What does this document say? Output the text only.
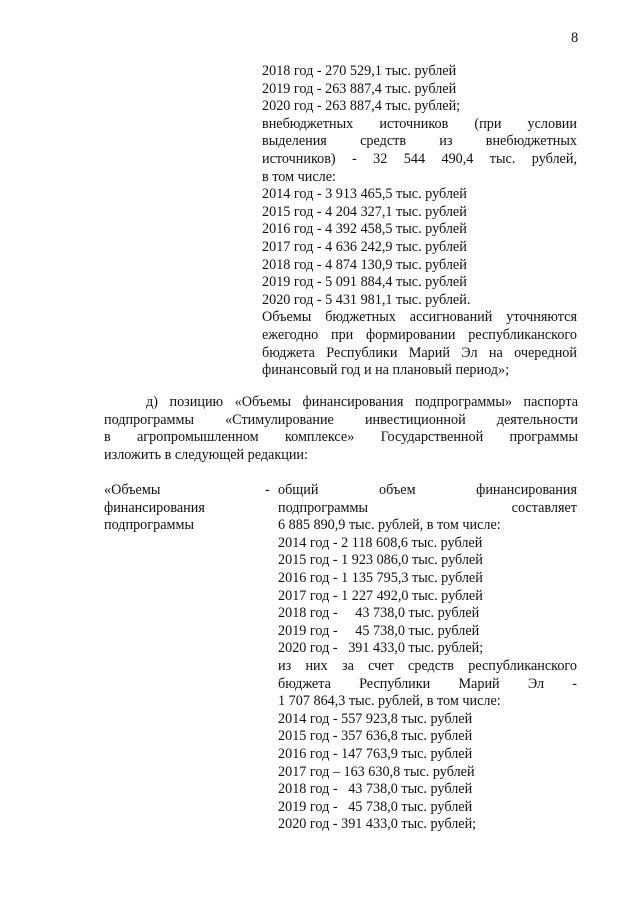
8
2018 год - 270 529,1 тыс. рублей
2019 год - 263 887,4 тыс. рублей
2020 год - 263 887,4 тыс. рублей;
внебюджетных источников (при условии
выделения средств из внебюджетных
источников) - 32 544 490,4 тыс. рублей,
в том числе:
2014 год - 3 913 465,5 тыс. рублей
2015 год - 4 204 327,1 тыс. рублей
2016 год - 4 392 458,5 тыс. рублей
2017 год - 4 636 242,9 тыс. рублей
2018 год - 4 874 130,9 тыс. рублей
2019 год - 5 091 884,4 тыс. рублей
2020 год - 5 431 981,1 тыс. рублей.
Объемы бюджетных ассигнований уточняются
ежегодно при формировании республиканского
бюджета Республики Марий Эл на очередной
финансовый год и на плановый период»;
д) позицию «Объемы финансирования подпрограммы» паспорта
подпрограммы «Стимулирование инвестиционной деятельности
в агропромышленном комплексе» Государственной программы
изложить в следующей редакции:
«Объемы
финансирования
подпрограммы
- общий объем финансирования
подпрограммы составляет
6 885 890,9 тыс. рублей, в том числе:
2014 год - 2 118 608,6 тыс. рублей
2015 год - 1 923 086,0 тыс. рублей
2016 год - 1 135 795,3 тыс. рублей
2017 год - 1 227 492,0 тыс. рублей
2018 год -     43 738,0 тыс. рублей
2019 год -     45 738,0 тыс. рублей
2020 год -   391 433,0 тыс. рублей;
из них за счет средств республиканского
бюджета Республики Марий Эл -
1 707 864,3 тыс. рублей, в том числе:
2014 год - 557 923,8 тыс. рублей
2015 год - 357 636,8 тыс. рублей
2016 год - 147 763,9 тыс. рублей
2017 год – 163 630,8 тыс. рублей
2018 год -   43 738,0 тыс. рублей
2019 год -   45 738,0 тыс. рублей
2020 год - 391 433,0 тыс. рублей;
